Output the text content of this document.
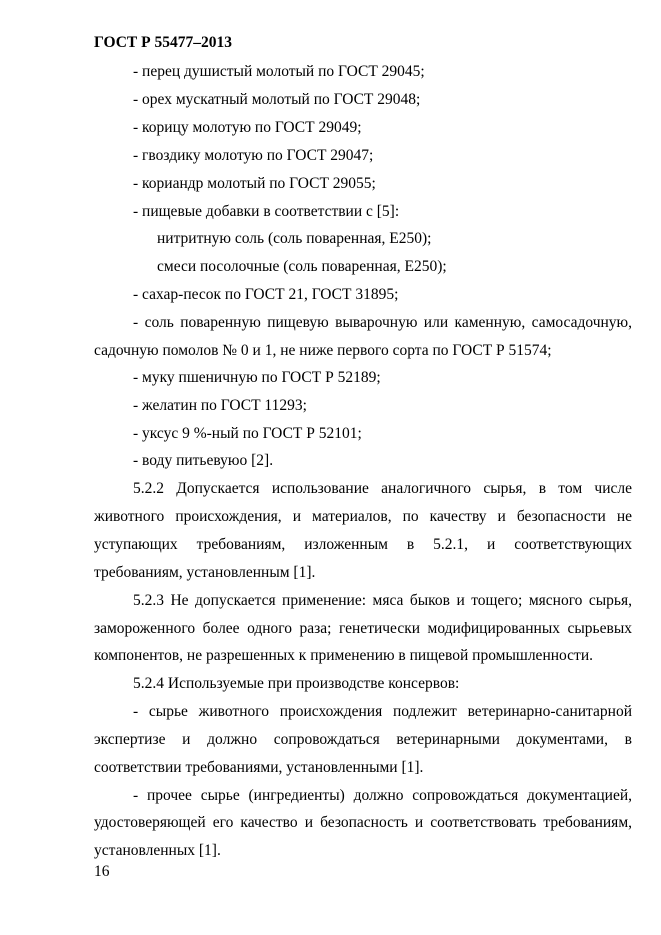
ГОСТ Р 55477–2013
- перец душистый молотый по ГОСТ 29045;
- орех мускатный молотый по ГОСТ 29048;
- корицу молотую по ГОСТ 29049;
- гвоздику молотую по ГОСТ 29047;
- кориандр молотый по ГОСТ 29055;
- пищевые добавки в соответствии с [5]:
нитритную соль (соль поваренная, Е250);
смеси посолочные (соль поваренная, Е250);
- сахар-песок по ГОСТ 21, ГОСТ 31895;
- соль поваренную пищевую выварочную или каменную, самосадочную,
садочную помолов № 0 и 1, не ниже первого сорта по ГОСТ Р 51574;
- муку пшеничную по ГОСТ Р 52189;
- желатин по ГОСТ 11293;
- уксус 9 %-ный по ГОСТ Р 52101;
- воду питьевуюо [2].
5.2.2 Допускается использование аналогичного сырья, в том числе
животного происхождения, и материалов, по качеству и безопасности не
уступающих требованиям, изложенным в 5.2.1, и соответствующих
требованиям, установленным [1].
5.2.3 Не допускается применение: мяса быков и тощего; мясного сырья,
замороженного более одного раза; генетически модифицированных сырьевых
компонентов, не разрешенных к применению в пищевой промышленности.
5.2.4 Используемые при производстве консервов:
- сырье животного происхождения подлежит ветеринарно-санитарной
экспертизе и должно сопровождаться ветеринарными документами, в
соответствии требованиями, установленными [1].
- прочее сырье (ингредиенты) должно сопровождаться документацией,
удостоверяющей его качество и безопасность и соответствовать требованиям,
установленных [1].
16
